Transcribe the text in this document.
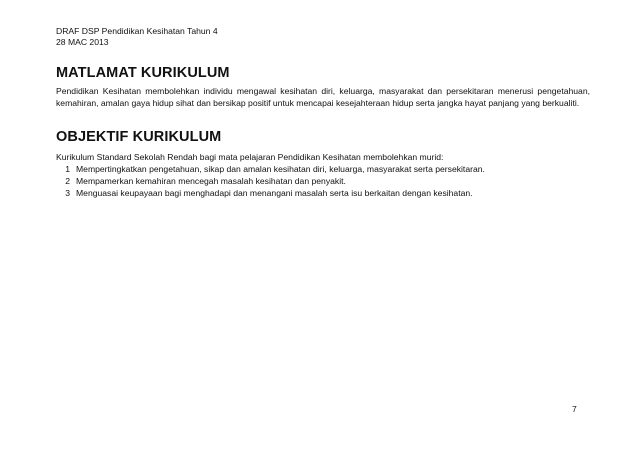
DRAF DSP Pendidikan Kesihatan Tahun 4

28 MAC 2013

MATLAMAT KURIKULUM

Pendidikan Kesihatan membolehkan individu mengawal kesihatan diri, keluarga, masyarakat dan persekitaran menerusi pengetahuan, kemahiran, amalan gaya hidup sihat dan bersikap positif untuk mencapai kesejahteraan hidup serta jangka hayat panjang yang berkualiti.

OBJEKTIF KURIKULUM

Kurikulum Standard Sekolah Rendah bagi mata pelajaran Pendidikan Kesihatan membolehkan murid:

1 Mempertingkatkan pengetahuan, sikap dan amalan kesihatan diri, keluarga, masyarakat serta persekitaran.
2 Mempamerkan kemahiran mencegah masalah kesihatan dan penyakit.
3 Menguasai keupayaan bagi menghadapi dan menangani masalah serta isu berkaitan dengan kesihatan.
7
